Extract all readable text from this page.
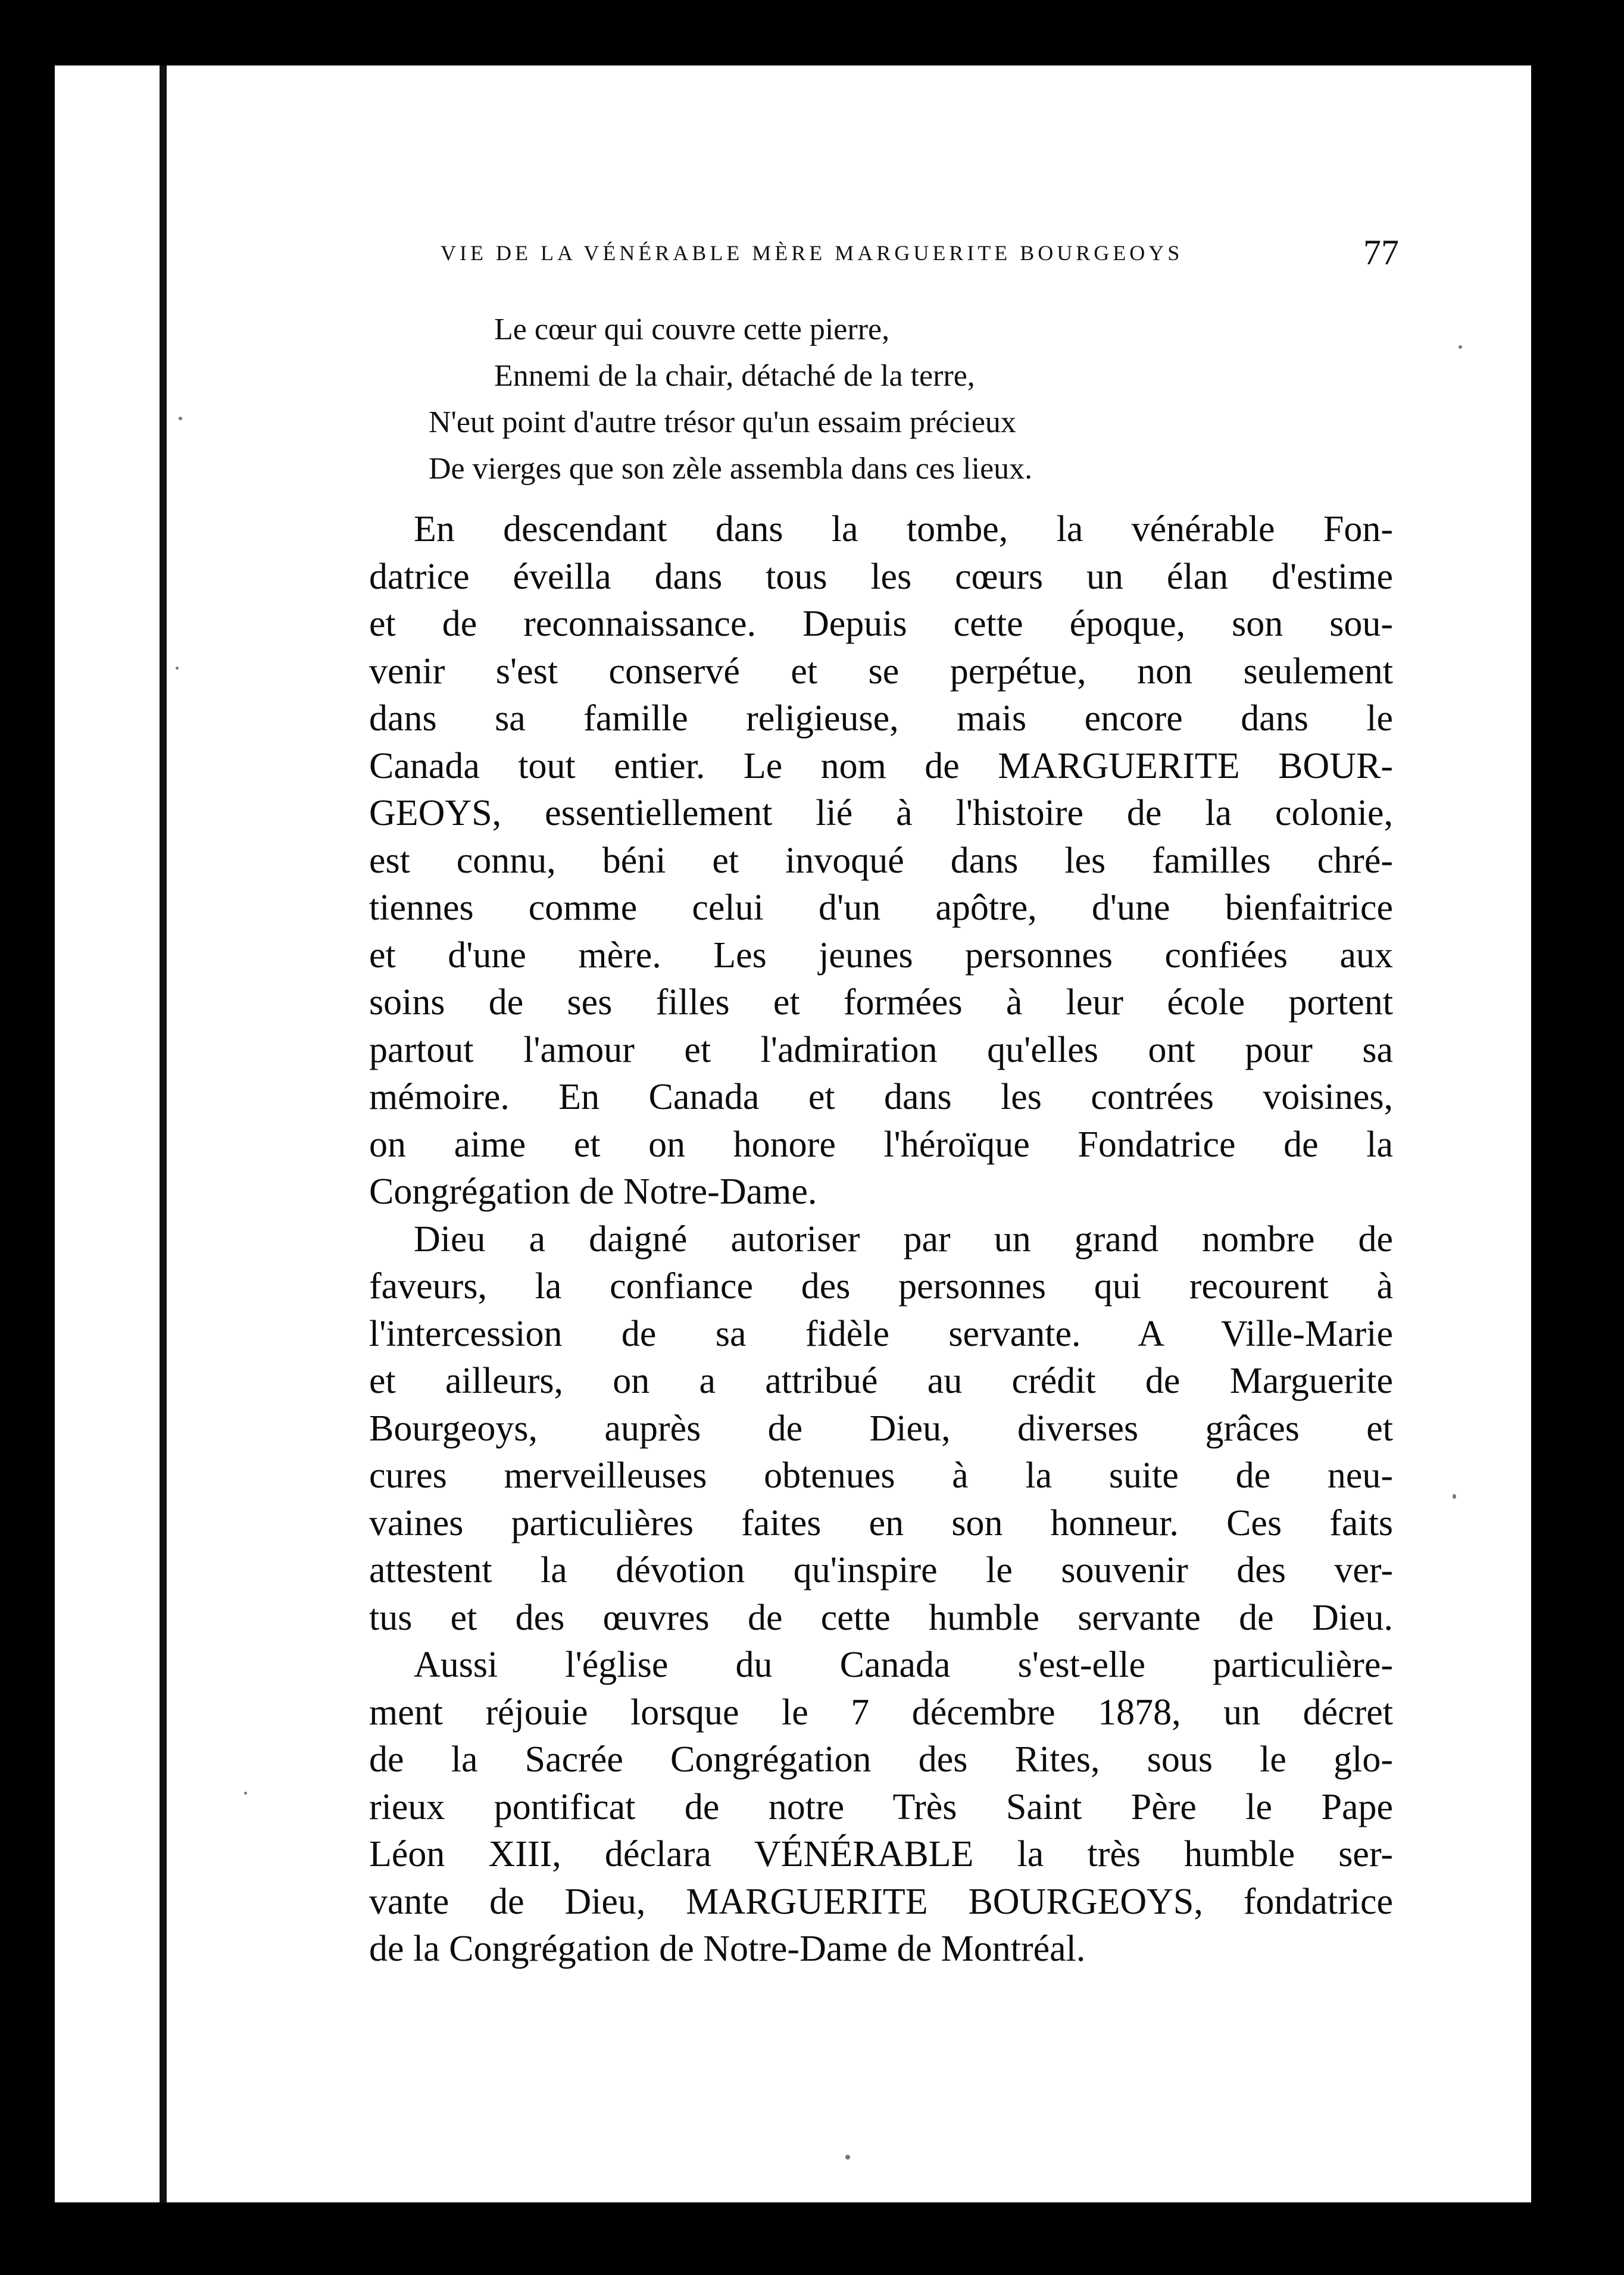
VIE DE LA VÉNÉRABLE MÈRE MARGUERITE BOURGEOYS	77
Le cœur qui couvre cette pierre,
Ennemi de la chair, détaché de la terre,
N'eut point d'autre trésor qu'un essaim précieux
De vierges que son zèle assembla dans ces lieux.
En descendant dans la tombe, la vénérable Fon-
datrice éveilla dans tous les cœurs un élan d'estime
et de reconnaissance. Depuis cette époque, son sou-
venir s'est conservé et se perpétue, non seulement
dans sa famille religieuse, mais encore dans le
Canada tout entier. Le nom de MARGUERITE BOUR-
GEOYS, essentiellement lié à l'histoire de la colonie,
est connu, béni et invoqué dans les familles chré-
tiennes comme celui d'un apôtre, d'une bienfaitrice
et d'une mère. Les jeunes personnes confiées aux
soins de ses filles et formées à leur école portent
partout l'amour et l'admiration qu'elles ont pour sa
mémoire. En Canada et dans les contrées voisines,
on aime et on honore l'héroïque Fondatrice de la
Congrégation de Notre-Dame.
Dieu a daigné autoriser par un grand nombre de
faveurs, la confiance des personnes qui recourent à
l'intercession de sa fidèle servante. A Ville-Marie
et ailleurs, on a attribué au crédit de Marguerite
Bourgeoys, auprès de Dieu, diverses grâces et
cures merveilleuses obtenues à la suite de neu-
vaines particulières faites en son honneur. Ces faits
attestent la dévotion qu'inspire le souvenir des ver-
tus et des œuvres de cette humble servante de Dieu.
Aussi l'église du Canada s'est-elle particulière-
ment réjouie lorsque le 7 décembre 1878, un décret
de la Sacrée Congrégation des Rites, sous le glo-
rieux pontificat de notre Très Saint Père le Pape
Léon XIII, déclara VÉNÉRABLE la très humble ser-
vante de Dieu, MARGUERITE BOURGEOYS, fondatrice
de la Congrégation de Notre-Dame de Montréal.
